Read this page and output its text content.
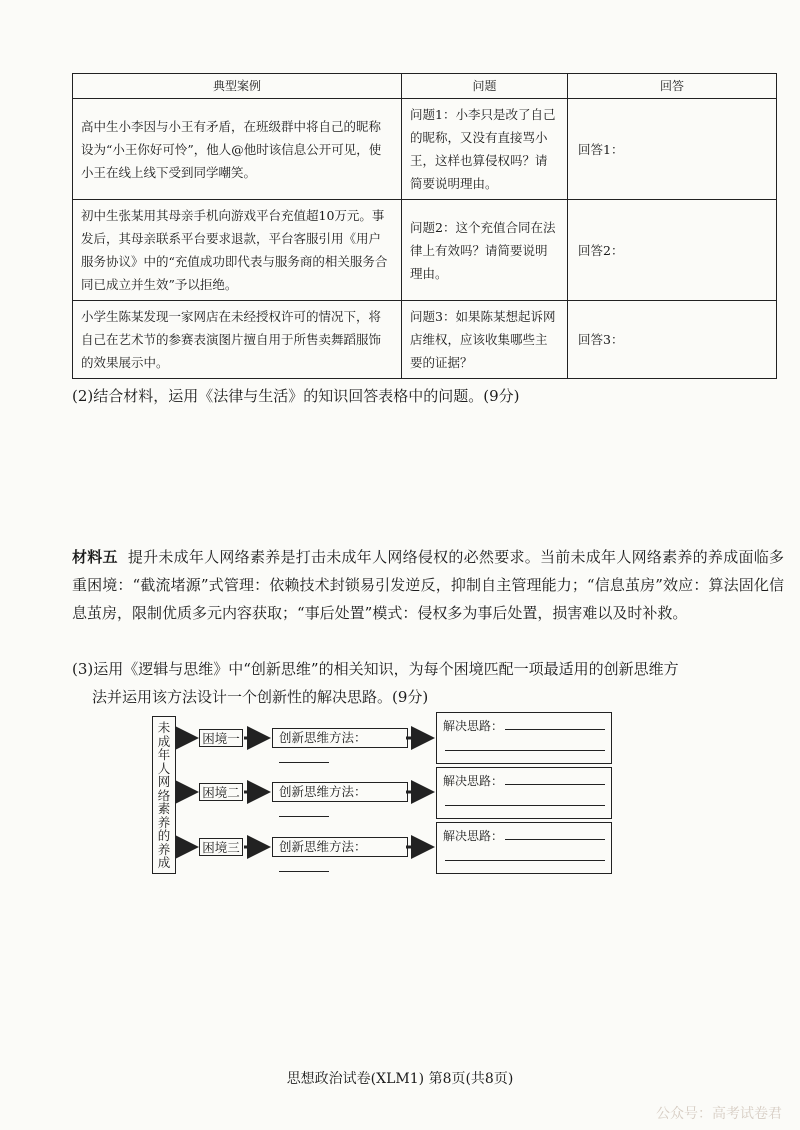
典型案例	问题	回答
高中生小李因与小王有矛盾，在班级群中将自己的昵称设为“小王你好可怜”，他人@他时该信息公开可见，使小王在线上线下受到同学嘲笑。	问题1：小李只是改了自己的昵称，又没有直接骂小王，这样也算侵权吗？请简要说明理由。	回答1：
初中生张某用其母亲手机向游戏平台充值超10万元。事发后，其母亲联系平台要求退款，平台客服引用《用户服务协议》中的“充值成功即代表与服务商的相关服务合同已成立并生效”予以拒绝。	问题2：这个充值合同在法律上有效吗？请简要说明理由。	回答2：
小学生陈某发现一家网店在未经授权许可的情况下，将自己在艺术节的参赛表演图片擅自用于所售卖舞蹈服饰的效果展示中。	问题3：如果陈某想起诉网店维权，应该收集哪些主要的证据？	回答3：
(2)结合材料，运用《法律与生活》的知识回答表格中的问题。(9分)
材料五 提升未成年人网络素养是打击未成年人网络侵权的必然要求。当前未成年人网络素养的养成面临多重困境：“截流堵源”式管理：依赖技术封锁易引发逆反，抑制自主管理能力；“信息茧房”效应：算法固化信息茧房，限制优质多元内容获取；“事后处置”模式：侵权多为事后处置，损害难以及时补救。
(3)运用《逻辑与思维》中“创新思维”的相关知识，为每个困境匹配一项最适用的创新思维方
法并运用该方法设计一个创新性的解决思路。(9分)
未
成
年
人
网
络
素
养
的
养
成
困境一	创新思维方法：
解决思路：
困境二	创新思维方法：
解决思路：
困境三	创新思维方法：
解决思路：
思想政治试卷(XLM1) 第8页(共8页)
公众号：高考试卷君
